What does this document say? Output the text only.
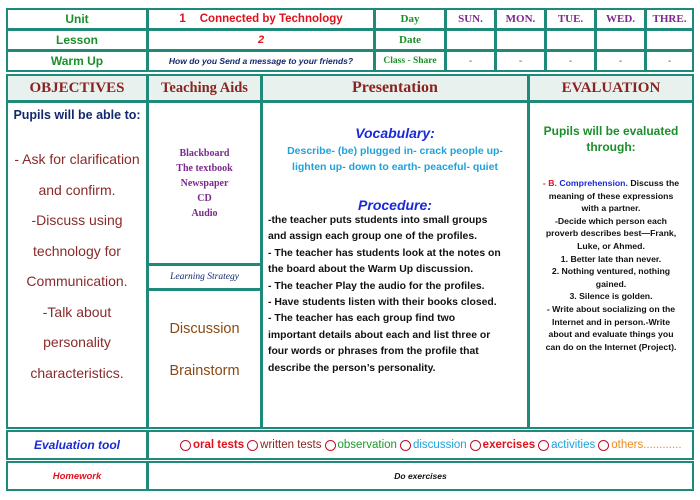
Unit	1 Connected by Technology	Day	SUN.	MON.	TUE.	WED.	THRE.
Lesson	2	Date
Warm Up	How do you Send a message to your friends?	Class - Share	-	-	-	-	-
OBJECTIVES	Teaching Aids	Presentation	EVALUATION
Pupils will be able to:
- Ask for clarification
and confirm.
-Discuss using
technology for
Communication.
-Talk about
personality
characteristics.
Blackboard
The textbook
Newspaper
CD
Audio
Learning Strategy
Discussion
Brainstorm
Vocabulary:
Describe- (be) plugged in- crack people up-
lighten up- down to earth- peaceful- quiet
Procedure:
-the teacher puts students into small groups
and assign each group one of the profiles.
- The teacher has students look at the notes on
the board about the Warm Up discussion.
- The teacher Play the audio for the profiles.
- Have students listen with their books closed.
- The teacher has each group find two
important details about each and list three or
four words or phrases from the profile that
describe the person’s personality.
Pupils will be evaluated
through:
- B. Comprehension. Discuss the
meaning of these expressions
with a partner.
-Decide which person each
proverb describes best—Frank,
Luke, or Ahmed.
1. Better late than never.
2. Nothing ventured, nothing
gained.
3. Silence is golden.
- Write about socializing on the
Internet and in person.-Write
about and evaluate things you
can do on the Internet (Project).
Evaluation tool	oral tests written tests observation discussion exercises activities others............
Homework	Do exercises
